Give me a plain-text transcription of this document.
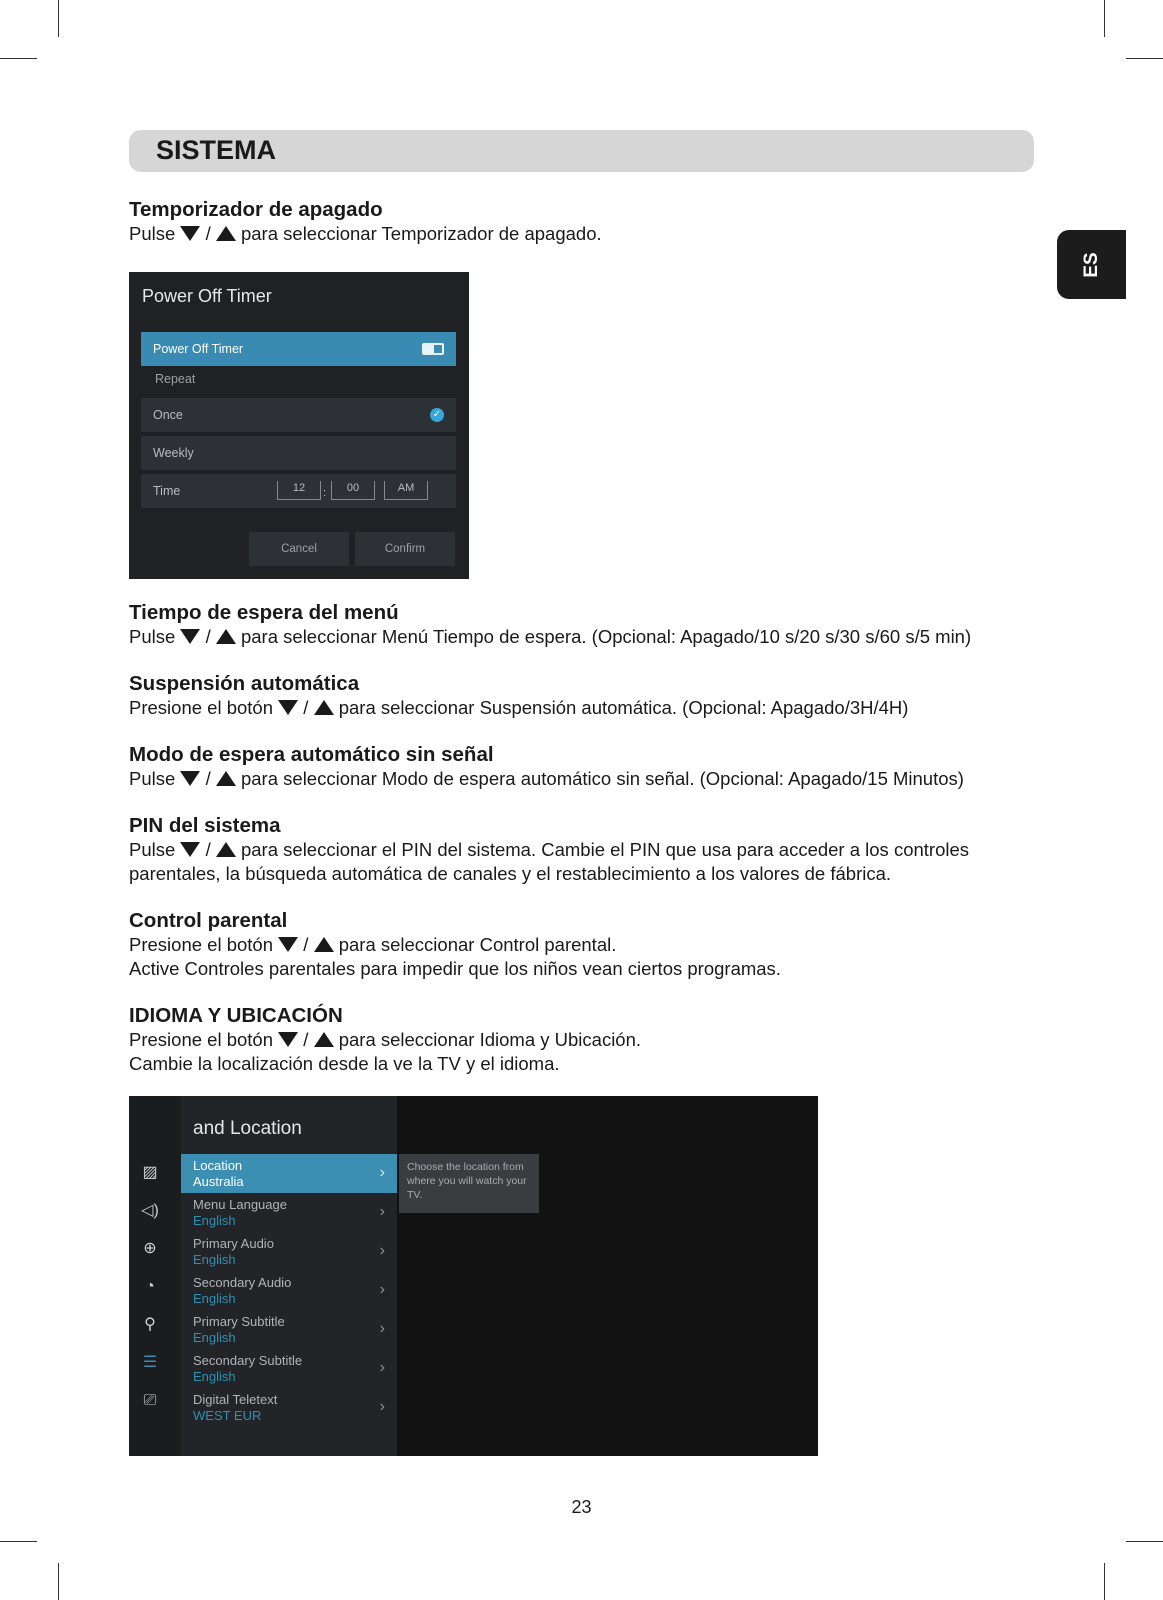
SISTEMA
ES
Temporizador de apagado

Pulse / para seleccionar Temporizador de apagado.

Power Off Timer
Power Off Timer
Repeat
Once	✓
Weekly
Time	12	:	00	AM
Cancel	Confirm
Tiempo de espera del menú

Pulse / para seleccionar Menú Tiempo de espera. (Opcional: Apagado/10 s/20 s/30 s/60 s/5 min)

Suspensión automática

Presione el botón / para seleccionar Suspensión automática. (Opcional: Apagado/3H/4H)

Modo de espera automático sin señal

Pulse / para seleccionar Modo de espera automático sin señal. (Opcional: Apagado/15 Minutos)

PIN del sistema

Pulse / para seleccionar el PIN del sistema. Cambie el PIN que usa para acceder a los controles

parentales, la búsqueda automática de canales y el restablecimiento a los valores de fábrica.

Control parental

Presione el botón / para seleccionar Control parental.

Active Controles parentales para impedir que los niños vean ciertos programas.

IDIOMA Y UBICACIÓN

Presione el botón / para seleccionar Idioma y Ubicación.

Cambie la localización desde la ve la TV y el idioma.

▨
◁)
⊕
◔
⚲
☰
⎚
and Location
Location
Australia
›
Menu Language
English
›
Primary Audio
English
›
Secondary Audio
English
›
Primary Subtitle
English
›
Secondary Subtitle
English
›
Digital Teletext
WEST EUR
›
Choose the location from where you will watch your TV.
23
